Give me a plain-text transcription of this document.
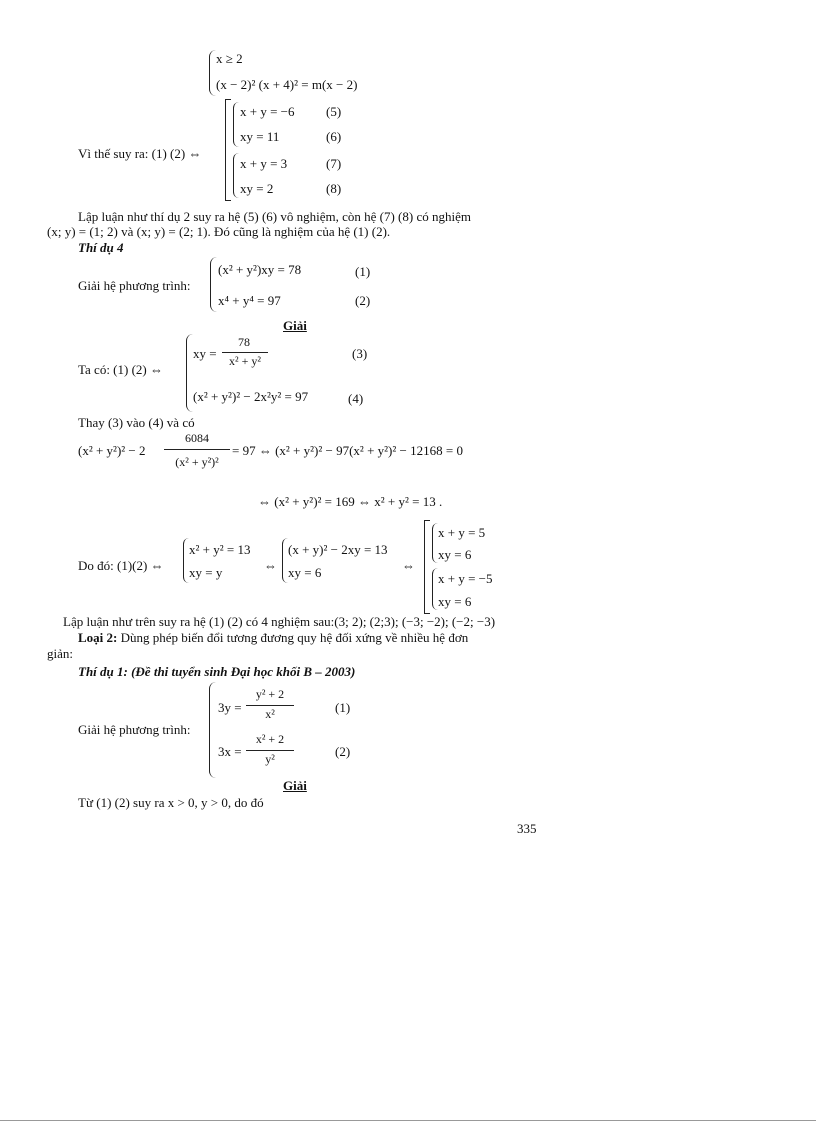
x ≥ 2
(x − 2)² (x + 4)² = m(x − 2)
Vì thế suy ra: (1) (2) ⇔
x + y = −6 (5)
xy = 11	(6)
x + y = 3	(7)
xy = 2	(8)
Lập luận như thí dụ 2 suy ra hệ (5) (6) vô nghiệm, còn hệ (7) (8) có nghiệm
(x; y) = (1; 2) và (x; y) = (2; 1). Đó cũng là nghiệm của hệ (1) (2).
Thí dụ 4
Giải hệ phương trình:
(x² + y²)xy = 78	(1)
x⁴ + y⁴ = 97	(2)
Giải
Ta có: (1) (2) ⇔
xy =
78
x² + y²	(3)
(x² + y²)² − 2x²y² = 97	(4)
Thay (3) vào (4) và có
(x² + y²)² − 2
6084
(x² + y²)²
= 97 ⇔ (x² + y²)² − 97(x² + y²)² − 12168 = 0
⇔ (x² + y²)² = 169 ⇔ x² + y² = 13 .
Do đó: (1)(2) ⇔
x² + y² = 13
xy = y	⇔
(x + y)² − 2xy = 13
xy = 6	⇔
x + y = 5
xy = 6
x + y = −5
xy = 6
Lập luận như trên suy ra hệ (1) (2) có 4 nghiệm sau:(3; 2); (2;3); (−3; −2); (−2; −3)
Loại 2: Dùng phép biến đổi tương đương quy hệ đối xứng về nhiều hệ đơn
giản:
Thí dụ 1: (Đề thi tuyển sinh Đại học khối B – 2003)
Giải hệ phương trình:
3y =
y² + 2
x²	(1)
3x =
x² + 2
y²	(2)
Giải
Từ (1) (2) suy ra x > 0, y > 0, do đó
335
